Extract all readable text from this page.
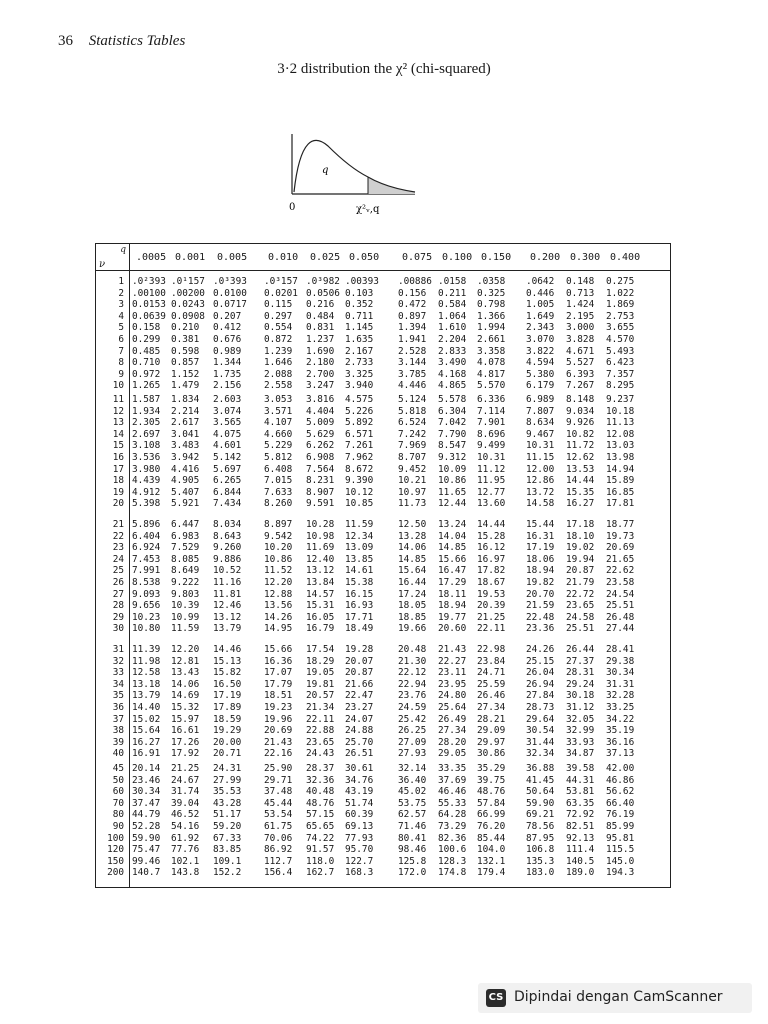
36 Statistics Tables
3·2 distribution the χ² (chi-squared)
q
0	χ²ᵥ,q
q
ν
.0005 0.001 0.005 0.010 0.025 0.050 0.075 0.100 0.150 0.200 0.300 0.400
1 .0²393 .0¹157 .0³393 .0³157 .0³982 .00393 .00886 .0158 .0358 .0642 0.148 0.275
2 .00100 .00200 0.0100 0.0201 0.0506 0.103	0.156 0.211 0.325 0.446 0.713 1.022
3 0.0153 0.0243 0.0717 0.115 0.216 0.352	0.472 0.584 0.798 1.005 1.424 1.869
4 0.0639 0.0908 0.207 0.297 0.484 0.711	0.897 1.064 1.366 1.649 2.195 2.753
5 0.158 0.210 0.412 0.554 0.831 1.145	1.394 1.610 1.994 2.343 3.000 3.655
6 0.299 0.381 0.676 0.872 1.237 1.635	1.941 2.204 2.661 3.070 3.828 4.570
7 0.485 0.598 0.989 1.239 1.690 2.167	2.528 2.833 3.358 3.822 4.671 5.493
8 0.710 0.857 1.344 1.646 2.180 2.733	3.144 3.490 4.078 4.594 5.527 6.423
9 0.972 1.152 1.735 2.088 2.700 3.325	3.785 4.168 4.817 5.380 6.393 7.357
10 1.265 1.479 2.156 2.558 3.247 3.940	4.446 4.865 5.570 6.179 7.267 8.295
11 1.587 1.834 2.603 3.053 3.816 4.575	5.124 5.578 6.336 6.989 8.148 9.237
12 1.934 2.214 3.074 3.571 4.404 5.226	5.818 6.304 7.114 7.807 9.034 10.18
13 2.305 2.617 3.565 4.107 5.009 5.892	6.524 7.042 7.901 8.634 9.926 11.13
14 2.697 3.041 4.075 4.660 5.629 6.571	7.242 7.790 8.696 9.467 10.82 12.08
15 3.108 3.483 4.601 5.229 6.262 7.261	7.969 8.547 9.499 10.31 11.72 13.03
16 3.536 3.942 5.142 5.812 6.908 7.962	8.707 9.312 10.31 11.15 12.62 13.98
17 3.980 4.416 5.697 6.408 7.564 8.672	9.452 10.09 11.12 12.00 13.53 14.94
18 4.439 4.905 6.265 7.015 8.231 9.390	10.21 10.86 11.95 12.86 14.44 15.89
19 4.912 5.407 6.844 7.633 8.907 10.12	10.97 11.65 12.77 13.72 15.35 16.85
20 5.398 5.921 7.434 8.260 9.591 10.85	11.73 12.44 13.60 14.58 16.27 17.81
21 5.896 6.447 8.034 8.897 10.28 11.59	12.50 13.24 14.44 15.44 17.18 18.77
22 6.404 6.983 8.643 9.542 10.98 12.34	13.28 14.04 15.28 16.31 18.10 19.73
23 6.924 7.529 9.260 10.20 11.69 13.09	14.06 14.85 16.12 17.19 19.02 20.69
24 7.453 8.085 9.886 10.86 12.40 13.85	14.85 15.66 16.97 18.06 19.94 21.65
25 7.991 8.649 10.52 11.52 13.12 14.61	15.64 16.47 17.82 18.94 20.87 22.62
26 8.538 9.222 11.16 12.20 13.84 15.38	16.44 17.29 18.67 19.82 21.79 23.58
27 9.093 9.803 11.81 12.88 14.57 16.15	17.24 18.11 19.53 20.70 22.72 24.54
28 9.656 10.39 12.46 13.56 15.31 16.93	18.05 18.94 20.39 21.59 23.65 25.51
29 10.23 10.99 13.12 14.26 16.05 17.71	18.85 19.77 21.25 22.48 24.58 26.48
30 10.80 11.59 13.79 14.95 16.79 18.49	19.66 20.60 22.11 23.36 25.51 27.44
31 11.39 12.20 14.46 15.66 17.54 19.28	20.48 21.43 22.98 24.26 26.44 28.41
32 11.98 12.81 15.13 16.36 18.29 20.07	21.30 22.27 23.84 25.15 27.37 29.38
33 12.58 13.43 15.82 17.07 19.05 20.87	22.12 23.11 24.71 26.04 28.31 30.34
34 13.18 14.06 16.50 17.79 19.81 21.66	22.94 23.95 25.59 26.94 29.24 31.31
35 13.79 14.69 17.19 18.51 20.57 22.47	23.76 24.80 26.46 27.84 30.18 32.28
36 14.40 15.32 17.89 19.23 21.34 23.27	24.59 25.64 27.34 28.73 31.12 33.25
37 15.02 15.97 18.59 19.96 22.11 24.07	25.42 26.49 28.21 29.64 32.05 34.22
38 15.64 16.61 19.29 20.69 22.88 24.88	26.25 27.34 29.09 30.54 32.99 35.19
39 16.27 17.26 20.00 21.43 23.65 25.70	27.09 28.20 29.97 31.44 33.93 36.16
40 16.91 17.92 20.71 22.16 24.43 26.51	27.93 29.05 30.86 32.34 34.87 37.13
45 20.14 21.25 24.31 25.90 28.37 30.61	32.14 33.35 35.29 36.88 39.58 42.00
50 23.46 24.67 27.99 29.71 32.36 34.76	36.40 37.69 39.75 41.45 44.31 46.86
60 30.34 31.74 35.53 37.48 40.48 43.19	45.02 46.46 48.76 50.64 53.81 56.62
70 37.47 39.04 43.28 45.44 48.76 51.74	53.75 55.33 57.84 59.90 63.35 66.40
80 44.79 46.52 51.17 53.54 57.15 60.39	62.57 64.28 66.99 69.21 72.92 76.19
90 52.28 54.16 59.20 61.75 65.65 69.13	71.46 73.29 76.20 78.56 82.51 85.99
100 59.90 61.92 67.33 70.06 74.22 77.93	80.41 82.36 85.44 87.95 92.13 95.81
120 75.47 77.76 83.85 86.92 91.57 95.70	98.46 100.6 104.0 106.8 111.4 115.5
150 99.46 102.1 109.1 112.7 118.0 122.7	125.8 128.3 132.1 135.3 140.5 145.0
200 140.7 143.8 152.2 156.4 162.7 168.3	172.0 174.8 179.4 183.0 189.0 194.3
CS Dipindai dengan CamScanner
